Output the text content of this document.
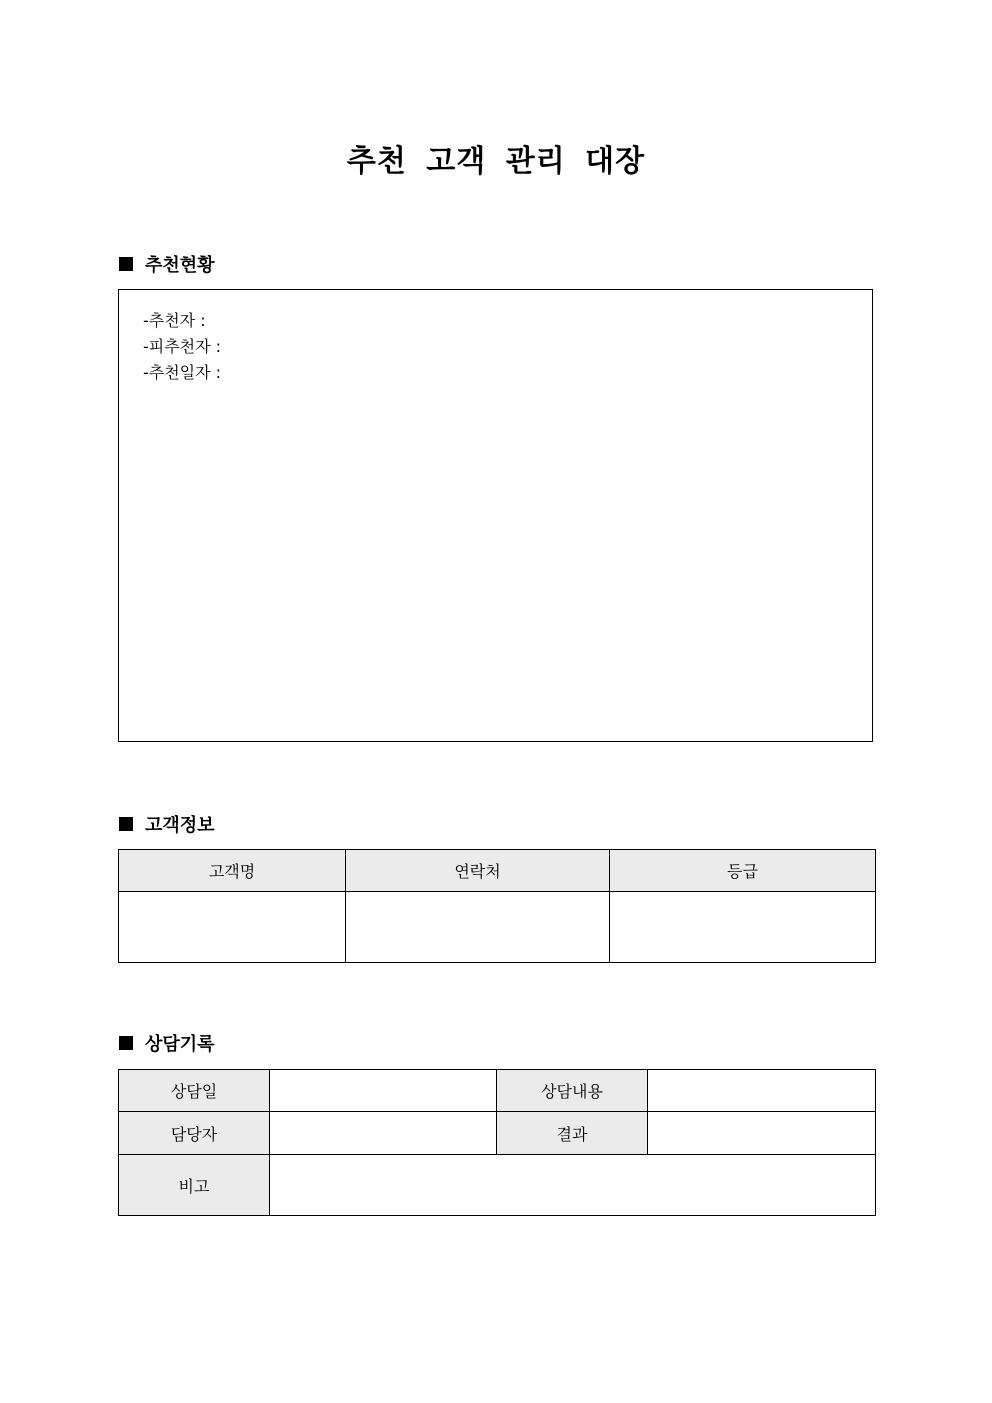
추천 고객 관리 대장
추천현황
-추천자 :
-피추천자 :
-추천일자 :
고객정보
고객명	연락처	등급

상담기록
상담일		상담내용	
담당자		결과	
비고			
